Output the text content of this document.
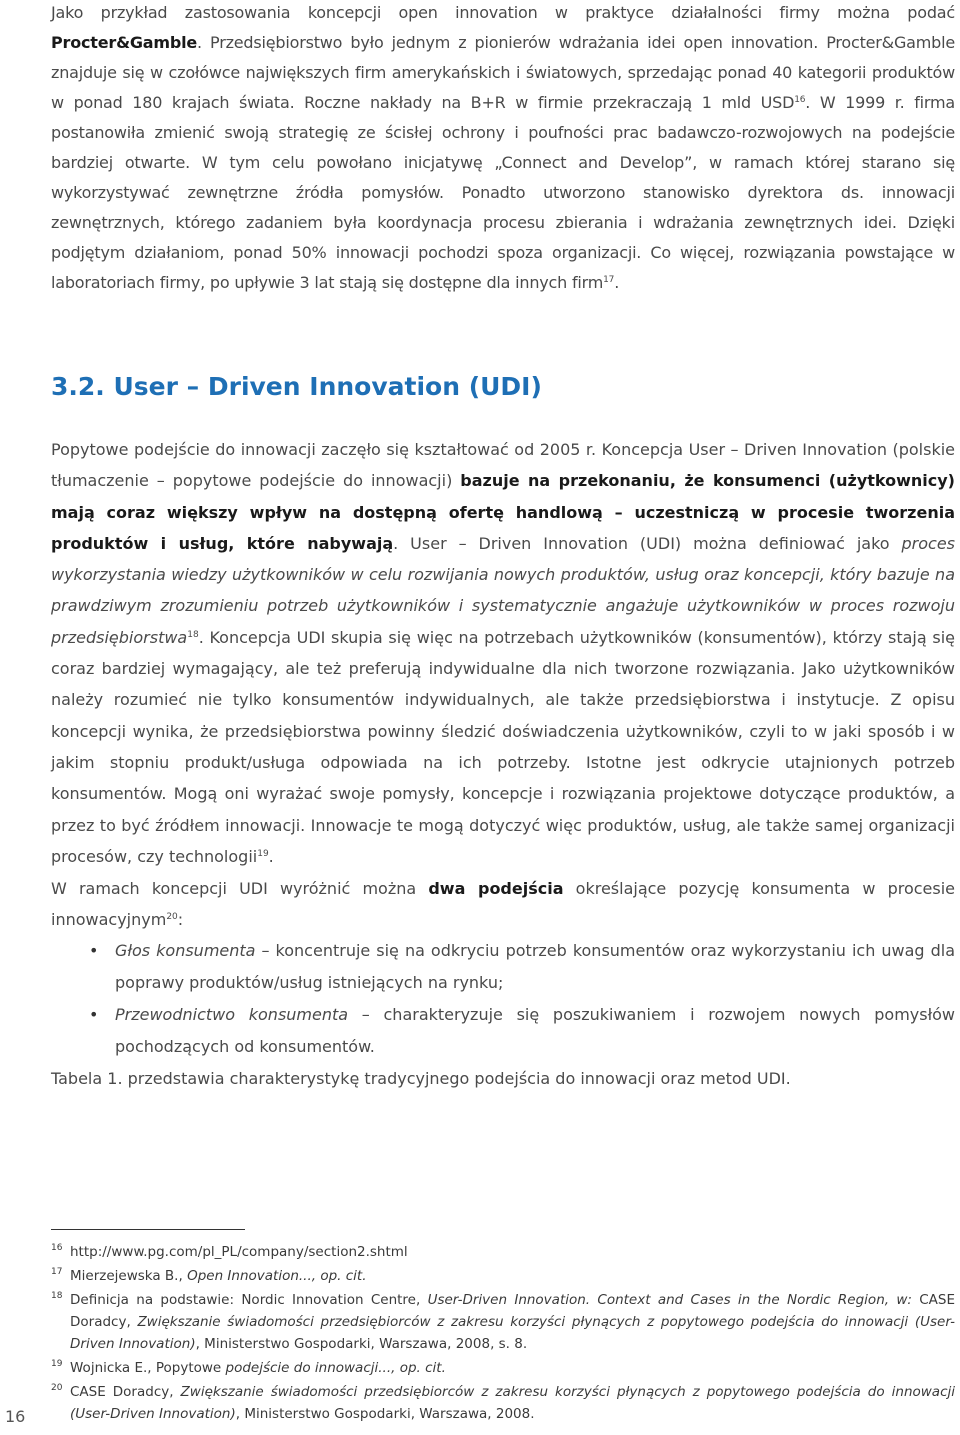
Jako przykład zastosowania koncepcji open innovation w praktyce działalności firmy można podać Procter&Gamble. Przedsiębiorstwo było jednym z pionierów wdrażania idei open innovation. Procter&Gamble znajduje się w czołówce największych firm amerykańskich i światowych, sprzedając ponad 40 kategorii produktów w ponad 180 krajach świata. Roczne nakłady na B+R w firmie przekraczają 1 mld USD$^{16}$. W 1999 r. firma postanowiła zmienić swoją strategię ze ścisłej ochrony i poufności prac badawczo-rozwojowych na podejście bardziej otwarte. W tym celu powołano inicjatywę „Connect and Develop”, w ramach której starano się wykorzystywać zewnętrzne źródła pomysłów. Ponadto utworzono stanowisko dyrektora ds. innowacji zewnętrznych, którego zadaniem była koordynacja procesu zbierania i wdrażania zewnętrznych idei. Dzięki podjętym działaniom, ponad 50% innowacji pochodzi spoza organizacji. Co więcej, rozwiązania powstające w laboratoriach firmy, po upływie 3 lat stają się dostępne dla innych firm$^{17}$.

3.2. User – Driven Innovation (UDI)

Popytowe podejście do innowacji zaczęło się kształtować od 2005 r. Koncepcja User – Driven Innovation (polskie tłumaczenie – popytowe podejście do innowacji) bazuje na przekonaniu, że konsumenci (użytkownicy) mają coraz większy wpływ na dostępną ofertę handlową – uczestniczą w procesie tworzenia produktów i usług, które nabywają. User – Driven Innovation (UDI) można definiować jako proces wykorzystania wiedzy użytkowników w celu rozwijania nowych produktów, usług oraz koncepcji, który bazuje na prawdziwym zrozumieniu potrzeb użytkowników i systematycznie angażuje użytkowników w proces rozwoju przedsiębiorstwa$^{18}$. Koncepcja UDI skupia się więc na potrzebach użytkowników (konsumentów), którzy stają się coraz bardziej wymagający, ale też preferują indywidualne dla nich tworzone rozwiązania. Jako użytkowników należy rozumieć nie tylko konsumentów indywidualnych, ale także przedsiębiorstwa i instytucje. Z opisu koncepcji wynika, że przedsiębiorstwa powinny śledzić doświadczenia użytkowników, czyli to w jaki sposób i w jakim stopniu produkt/usługa odpowiada na ich potrzeby. Istotne jest odkrycie utajnionych potrzeb konsumentów. Mogą oni wyrażać swoje pomysły, koncepcje i rozwiązania projektowe dotyczące produktów, a przez to być źródłem innowacji. Innowacje te mogą dotyczyć więc produktów, usług, ale także samej organizacji procesów, czy technologii$^{19}$.

W ramach koncepcji UDI wyróżnić można dwa podejścia określające pozycję konsumenta w procesie innowacyjnym$^{20}$:

• Głos konsumenta – koncentruje się na odkryciu potrzeb konsumentów oraz wykorzystaniu ich uwag dla poprawy produktów/usług istniejących na rynku;
• Przewodnictwo konsumenta – charakteryzuje się poszukiwaniem i rozwojem nowych pomysłów pochodzących od konsumentów.

Tabela 1. przedstawia charakterystykę tradycyjnego podejścia do innowacji oraz metod UDI.

16 http://www.pg.com/pl_PL/company/section2.shtml

17 Mierzejewska B., Open Innovation..., op. cit.

18 Definicja na podstawie: Nordic Innovation Centre, User-Driven Innovation. Context and Cases in the Nordic Region, w: CASE Doradcy, Zwiększanie świadomości przedsiębiorców z zakresu korzyści płynących z popytowego podejścia do innowacji (User-Driven Innovation), Ministerstwo Gospodarki, Warszawa, 2008, s. 8.

19 Wojnicka E., Popytowe podejście do innowacji..., op. cit.

20 CASE Doradcy, Zwiększanie świadomości przedsiębiorców z zakresu korzyści płynących z popytowego podejścia do innowacji (User-Driven Innovation), Ministerstwo Gospodarki, Warszawa, 2008.

16
